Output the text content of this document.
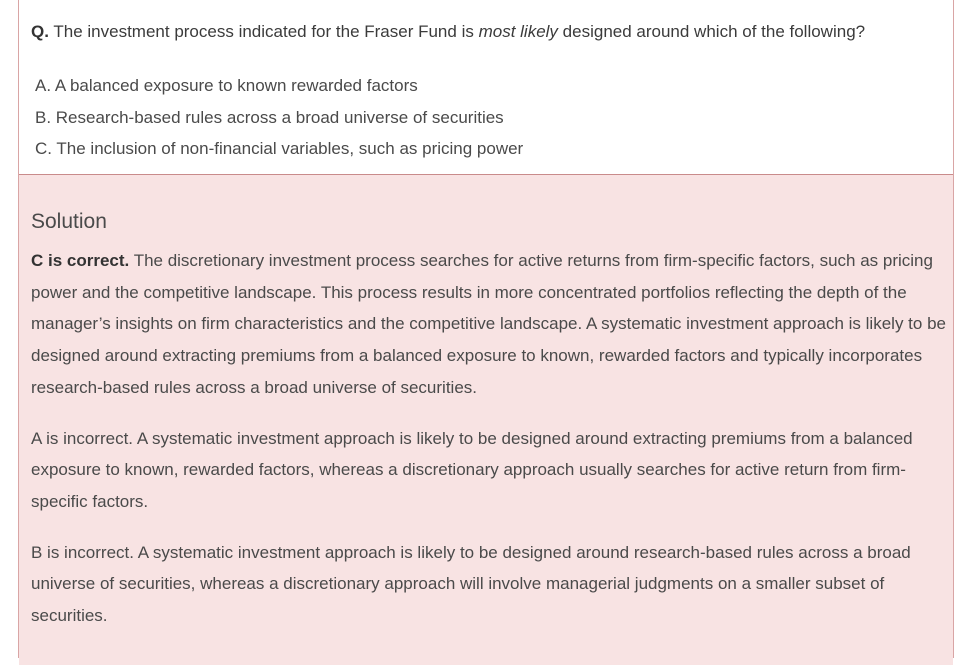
Q. The investment process indicated for the Fraser Fund is most likely designed around which of the following?
A. A balanced exposure to known rewarded factors
B. Research-based rules across a broad universe of securities
C. The inclusion of non-financial variables, such as pricing power
Solution

C is correct. The discretionary investment process searches for active returns from firm-specific factors, such as pricing power and the competitive landscape. This process results in more concentrated portfolios reflecting the depth of the manager’s insights on firm characteristics and the competitive landscape. A systematic investment approach is likely to be designed around extracting premiums from a balanced exposure to known, rewarded factors and typically incorporates research-based rules across a broad universe of securities.

A is incorrect. A systematic investment approach is likely to be designed around extracting premiums from a balanced exposure to known, rewarded factors, whereas a discretionary approach usually searches for active return from firm-specific factors.

B is incorrect. A systematic investment approach is likely to be designed around research-based rules across a broad universe of securities, whereas a discretionary approach will involve managerial judgments on a smaller subset of securities.
